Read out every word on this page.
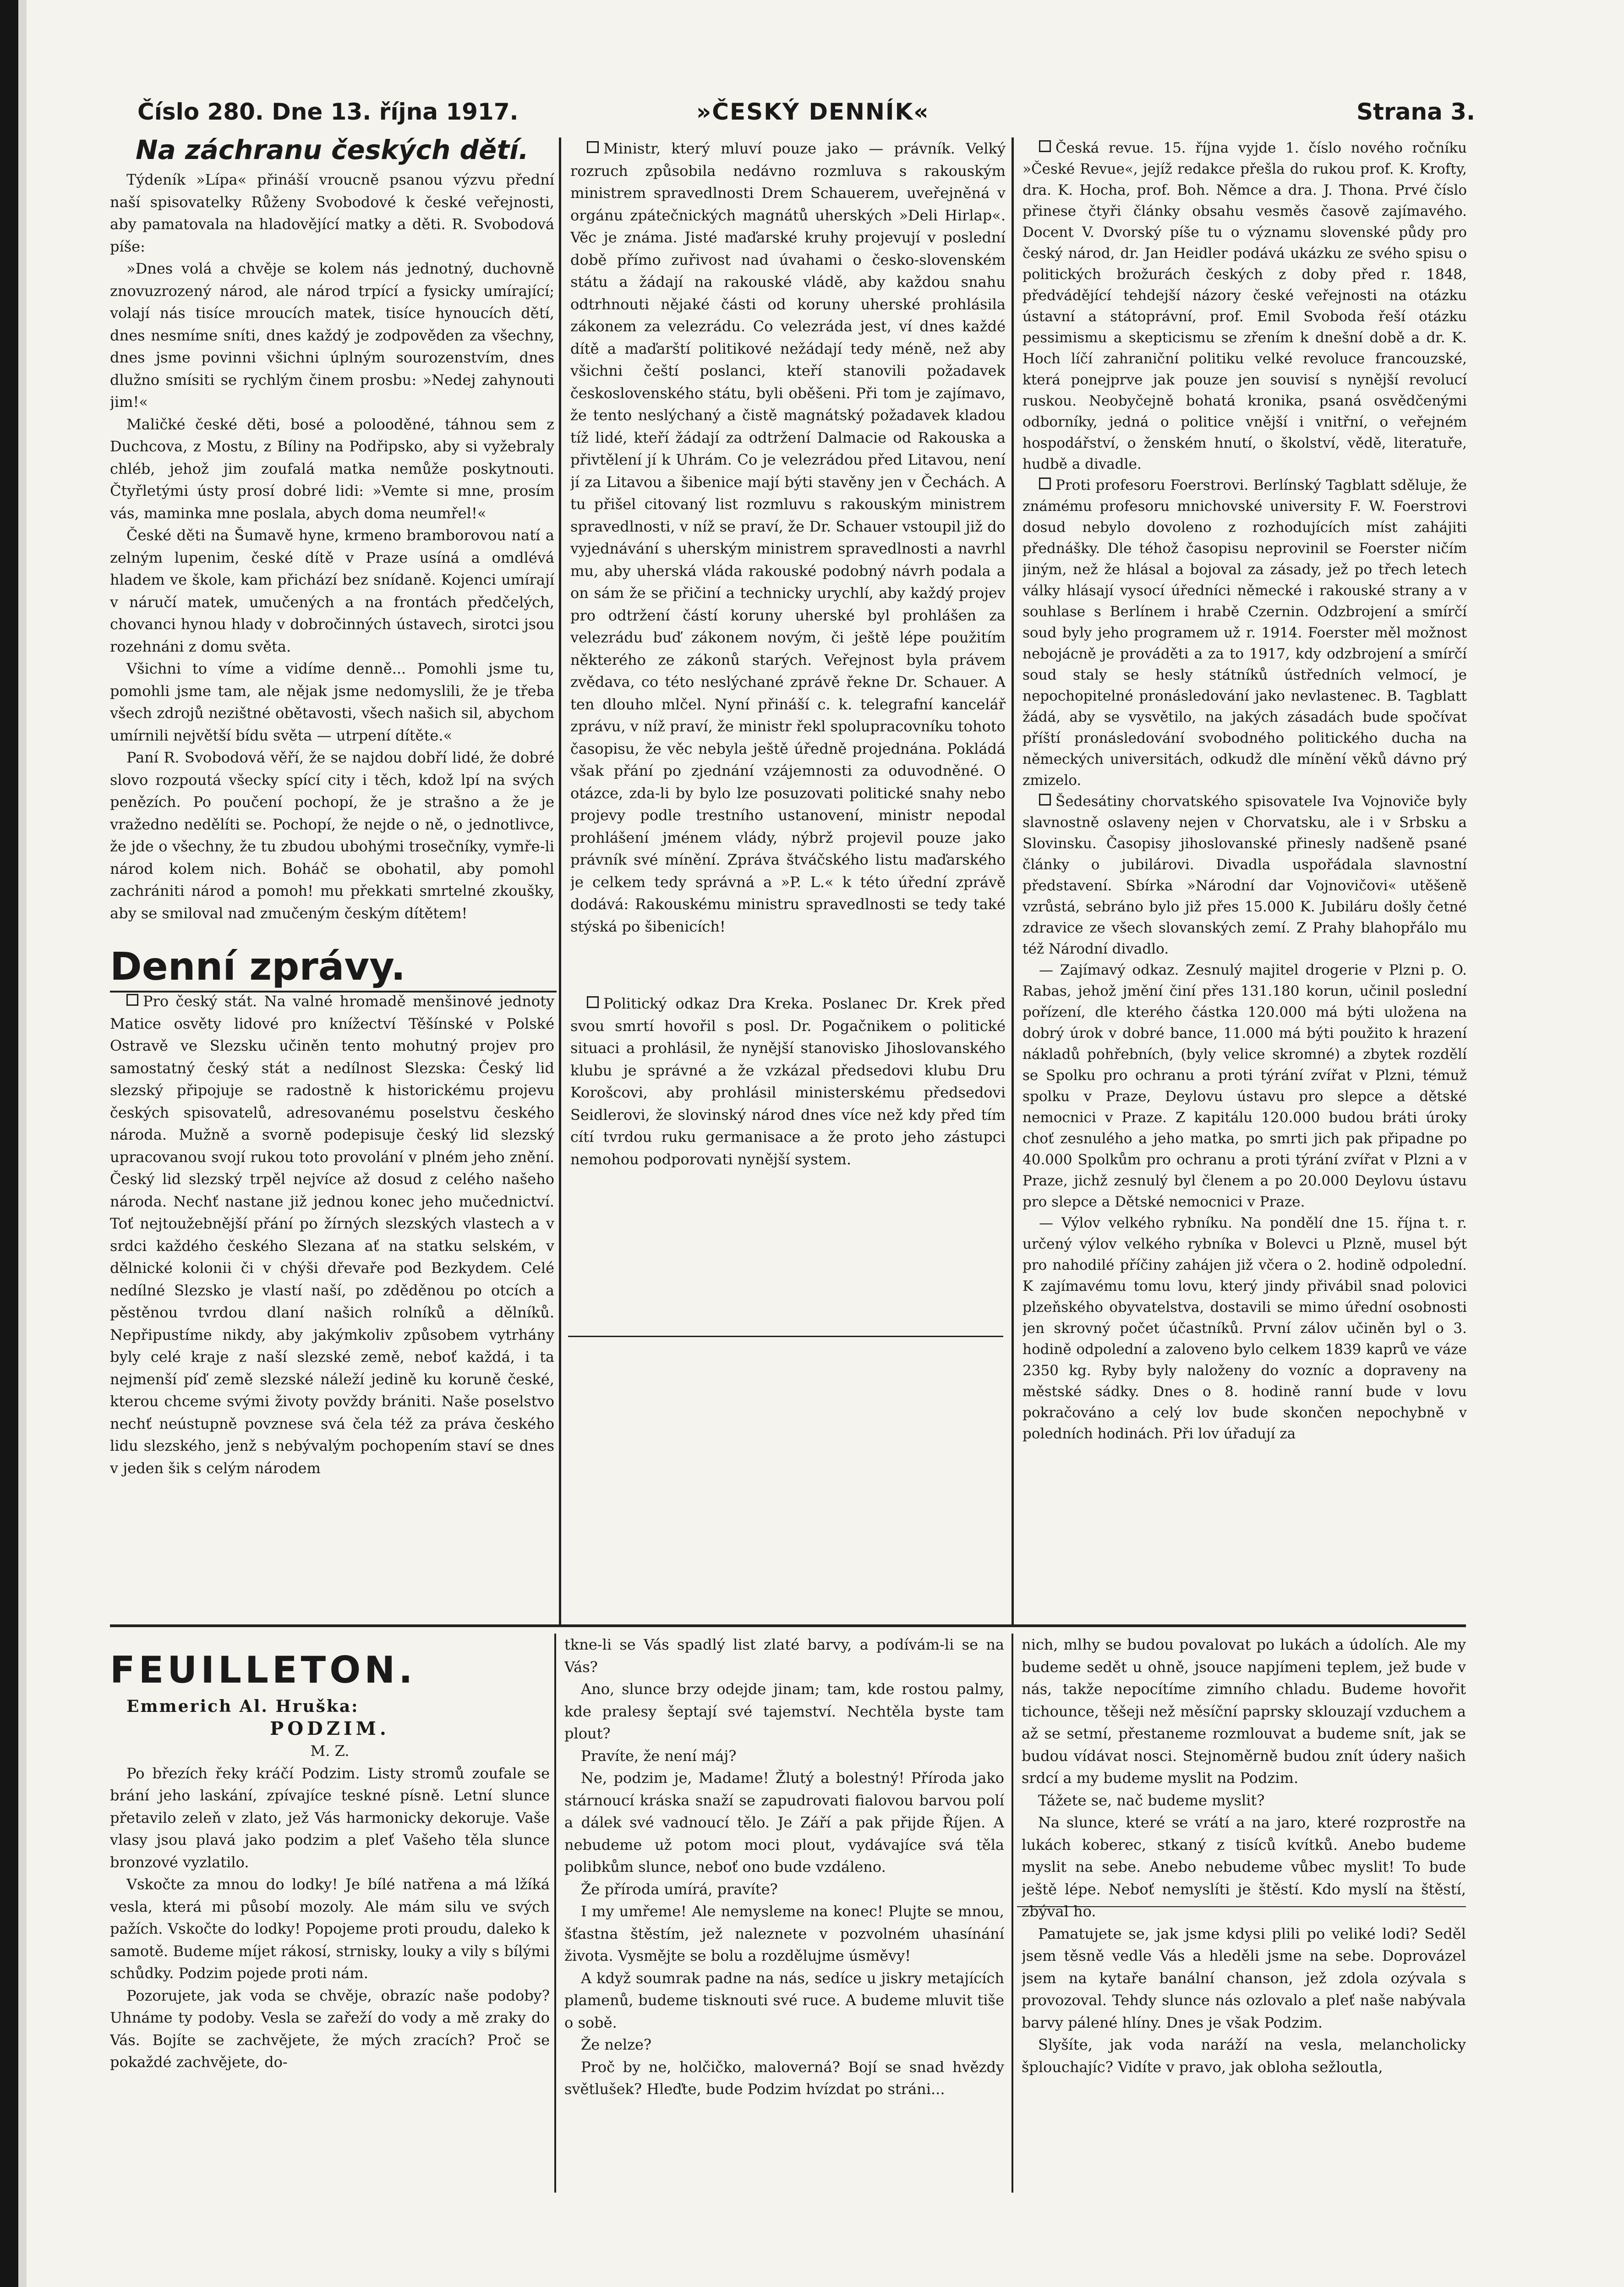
Číslo 280. Dne 13. října 1917.	»ČESKÝ DENNÍK«	Strana 3.
Na záchranu českých dětí.

Týdeník »Lípa« přináší vroucně psanou výzvu přední naší spisovatelky Růženy Svobodové k české veřejnosti, aby pamatovala na hladovějící matky a děti. R. Svobodová píše:

»Dnes volá a chvěje se kolem nás jednotný, duchovně znovuzrozený národ, ale národ trpící a fysicky umírající; volají nás tisíce mroucích matek, tisíce hynoucích dětí, dnes nesmíme sníti, dnes každý je zodpověden za všechny, dnes jsme povinni všichni úplným sourozenstvím, dnes dlužno smísiti se rychlým činem prosbu: »Nedej zahynouti jim!«

Maličké české děti, bosé a polooděné, táhnou sem z Duchcova, z Mostu, z Bíliny na Podřipsko, aby si vyžebraly chléb, jehož jim zoufalá matka nemůže poskytnouti. Čtyřletými ústy prosí dobré lidi: »Vemte si mne, prosím vás, maminka mne poslala, abych doma neumřel!«

České děti na Šumavě hyne, krmeno bramborovou natí a zelným lupenim, české dítě v Praze usíná a omdlévá hladem ve škole, kam přichází bez snídaně. Kojenci umírají v náručí matek, umučených a na frontách předčelých, chovanci hynou hlady v dobročinných ústavech, sirotci jsou rozehnáni z domu světa.

Všichni to víme a vidíme denně... Pomohli jsme tu, pomohli jsme tam, ale nějak jsme nedomyslili, že je třeba všech zdrojů nezištné obětavosti, všech našich sil, abychom umírnili největší bídu světa — utrpení dítěte.«

Paní R. Svobodová věří, že se najdou dobří lidé, že dobré slovo rozpoutá všecky spící city i těch, kdož lpí na svých penězích. Po poučení pochopí, že je strašno a že je vražedno nedělíti se. Pochopí, že nejde o ně, o jednotlivce, že jde o všechny, že tu zbudou ubohými trosečníky, vymře-li národ kolem nich. Boháč se obohatil, aby pomohl zachrániti národ a pomoh! mu překkati smrtelné zkoušky, aby se smiloval nad zmučeným českým dítětem!

Denní zprávy.

Pro český stát. Na valné hromadě menšinové jednoty Matice osvěty lidové pro knížectví Těšínské v Polské Ostravě ve Slezsku učiněn tento mohutný projev pro samostatný český stát a nedílnost Slezska: Český lid slezský připojuje se radostně k historickému projevu českých spisovatelů, adresovanému poselstvu českého národa. Mužně a svorně podepisuje český lid slezský upracovanou svojí rukou toto provolání v plném jeho znění. Český lid slezský trpěl nejvíce až dosud z celého našeho národa. Nechť nastane již jednou konec jeho mučednictví. Toť nejtoužebnější přání po žírných slezských vlastech a v srdci každého českého Slezana ať na statku selském, v dělnické kolonii či v chýši dřevaře pod Bezkydem. Celé nedílné Slezsko je vlastí naší, po zděděnou po otcích a pěstěnou tvrdou dlaní našich rolníků a dělníků. Nepřipustíme nikdy, aby jakýmkoliv způsobem vytrhány byly celé kraje z naší slezské země, neboť každá, i ta nejmenší píď země slezské náleží jedině ku koruně české, kterou chceme svými životy povždy brániti. Naše poselstvo nechť neústupně povznese svá čela též za práva českého lidu slezského, jenž s nebývalým pochopením staví se dnes v jeden šik s celým národem

Ministr, který mluví pouze jako — právník. Velký rozruch způsobila nedávno rozmluva s rakouským ministrem spravedlnosti Drem Schauerem, uveřejněná v orgánu zpátečnických magnátů uherských »Deli Hirlap«. Věc je známa. Jisté maďarské kruhy projevují v poslední době přímo zuřivost nad úvahami o česko-slovenském státu a žádají na rakouské vládě, aby každou snahu odtrhnouti nějaké části od koruny uherské prohlásila zákonem za velezrádu. Co velezráda jest, ví dnes každé dítě a maďarští politikové nežádají tedy méně, než aby všichni čeští poslanci, kteří stanovili požadavek československého státu, byli oběšeni. Při tom je zajímavo, že tento neslýchaný a čistě magnátský požadavek kladou tíž lidé, kteří žádají za odtržení Dalmacie od Rakouska a přivtělení jí k Uhrám. Co je velezrádou před Litavou, není jí za Litavou a šibenice mají býti stavěny jen v Čechách. A tu přišel citovaný list rozmluvu s rakouským ministrem spravedlnosti, v níž se praví, že Dr. Schauer vstoupil již do vyjednávání s uherským ministrem spravedlnosti a navrhl mu, aby uherská vláda rakouské podobný návrh podala a on sám že se přičiní a technicky urychlí, aby každý projev pro odtržení částí koruny uherské byl prohlášen za velezrádu buď zákonem novým, či ještě lépe použitím některého ze zákonů starých. Veřejnost byla právem zvědava, co této neslýchané zprávě řekne Dr. Schauer. A ten dlouho mlčel. Nyní přináší c. k. telegrafní kancelář zprávu, v níž praví, že ministr řekl spolupracovníku tohoto časopisu, že věc nebyla ještě úředně projednána. Pokládá však přání po zjednání vzájemnosti za oduvodněné. O otázce, zda-li by bylo lze posuzovati politické snahy nebo projevy podle trestního ustanovení, ministr nepodal prohlášení jménem vlády, nýbrž projevil pouze jako právník své mínění. Zpráva štváčského listu maďarského je celkem tedy správná a »P. L.« k této úřední zprávě dodává: Rakouskému ministru spravedlnosti se tedy také stýská po šibenicích!

Politický odkaz Dra Kreka. Poslanec Dr. Krek před svou smrtí hovořil s posl. Dr. Pogačnikem o politické situaci a prohlásil, že nynější stanovisko Jihoslovanského klubu je správné a že vzkázal předsedovi klubu Dru Korošcovi, aby prohlásil ministerskému předsedovi Seidlerovi, že slovinský národ dnes více než kdy před tím cítí tvrdou ruku germanisace a že proto jeho zástupci nemohou podporovati nynější system.

Česká revue. 15. října vyjde 1. číslo nového ročníku »České Revue«, jejíž redakce přešla do rukou prof. K. Krofty, dra. K. Hocha, prof. Boh. Němce a dra. J. Thona. Prvé číslo přinese čtyři články obsahu vesměs časově zajímavého. Docent V. Dvorský píše tu o významu slovenské půdy pro český národ, dr. Jan Heidler podává ukázku ze svého spisu o politických brožurách českých z doby před r. 1848, předvádějící tehdejší názory české veřejnosti na otázku ústavní a státoprávní, prof. Emil Svoboda řeší otázku pessimismu a skepticismu se zřením k dnešní době a dr. K. Hoch líčí zahraniční politiku velké revoluce francouzské, která ponejprve jak pouze jen souvisí s nynější revolucí ruskou. Neobyčejně bohatá kronika, psaná osvědčenými odborníky, jedná o politice vnější i vnitřní, o veřejném hospodářství, o ženském hnutí, o školství, vědě, literatuře, hudbě a divadle.

Proti profesoru Foerstrovi. Berlínský Tagblatt sděluje, že známému profesoru mnichovské university F. W. Foerstrovi dosud nebylo dovoleno z rozhodujících míst zahájiti přednášky. Dle téhož časopisu neprovinil se Foerster ničím jiným, než že hlásal a bojoval za zásady, jež po třech letech války hlásají vysocí úředníci německé i rakouské strany a v souhlase s Berlínem i hrabě Czernin. Odzbrojení a smírčí soud byly jeho programem už r. 1914. Foerster měl možnost nebojácně je prováděti a za to 1917, kdy odzbrojení a smírčí soud staly se hesly státníků ústředních velmocí, je nepochopitelné pronásledování jako nevlastenec. B. Tagblatt žádá, aby se vysvětilo, na jakých zásadách bude spočívat příští pronásledování svobodného politického ducha na německých universitách, odkudž dle mínění věků dávno prý zmizelo.

Šedesátiny chorvatského spisovatele Iva Vojnoviče byly slavnostně oslaveny nejen v Chorvatsku, ale i v Srbsku a Slovinsku. Časopisy jihoslovanské přinesly nadšeně psané články o jubilárovi. Divadla uspořádala slavnostní představení. Sbírka »Národní dar Vojnovičovi« utěšeně vzrůstá, sebráno bylo již přes 15.000 K. Jubiláru došly četné zdravice ze všech slovanských zemí. Z Prahy blahopřálo mu též Národní divadlo.

— Zajímavý odkaz. Zesnulý majitel drogerie v Plzni p. O. Rabas, jehož jmění činí přes 131.180 korun, učinil poslední pořízení, dle kterého částka 120.000 má býti uložena na dobrý úrok v dobré bance, 11.000 má býti použito k hrazení nákladů pohřebních, (byly velice skromné) a zbytek rozdělí se Spolku pro ochranu a proti týrání zvířat v Plzni, témuž spolku v Praze, Deylovu ústavu pro slepce a dětské nemocnici v Praze. Z kapitálu 120.000 budou bráti úroky choť zesnulého a jeho matka, po smrti jich pak připadne po 40.000 Spolkům pro ochranu a proti týrání zvířat v Plzni a v Praze, jichž zesnulý byl členem a po 20.000 Deylovu ústavu pro slepce a Dětské nemocnici v Praze.

— Výlov velkého rybníku. Na pondělí dne 15. října t. r. určený výlov velkého rybníka v Bolevci u Plzně, musel být pro nahodilé příčiny zahájen již včera o 2. hodině odpolední. K zajímavému tomu lovu, který jindy přivábil snad polovici plzeňského obyvatelstva, dostavili se mimo úřední osobnosti jen skrovný počet účastníků. První zálov učiněn byl o 3. hodině odpolední a zaloveno bylo celkem 1839 kaprů ve váze 2350 kg. Ryby byly naloženy do vozníc a dopraveny na městské sádky. Dnes o 8. hodině ranní bude v lovu pokračováno a celý lov bude skončen nepochybně v poledních hodinách. Při lov úřadují za

FEUILLETON.

Emmerich Al. Hruška:

PODZIM.

M. Z.

Po březích řeky kráčí Podzim. Listy stromů zoufale se brání jeho laskání, zpívajíce teskné písně. Letní slunce přetavilo zeleň v zlato, jež Vás harmonicky dekoruje. Vaše vlasy jsou plavá jako podzim a pleť Vašeho těla slunce bronzové vyzlatilo.

Vskočte za mnou do lodky! Je bílé natřena a má lžíká vesla, která mi působí mozoly. Ale mám silu ve svých pažích. Vskočte do lodky! Popojeme proti proudu, daleko k samotě. Budeme míjet rákosí, strnisky, louky a vily s bílými schůdky. Podzim pojede proti nám.

Pozorujete, jak voda se chvěje, obrazíc naše podoby? Uhnáme ty podoby. Vesla se zařeží do vody a mě zraky do Vás. Bojíte se zachvějete, že mých zracích? Proč se pokaždé zachvějete, do-

tkne-li se Vás spadlý list zlaté barvy, a podívám-li se na Vás?

Ano, slunce brzy odejde jinam; tam, kde rostou palmy, kde pralesy šeptají své tajemství. Nechtěla byste tam plout?

Pravíte, že není máj?

Ne, podzim je, Madame! Žlutý a bolestný! Příroda jako stárnoucí kráska snaží se zapudrovati fialovou barvou polí a dálek své vadnoucí tělo. Je Září a pak přijde Říjen. A nebudeme už potom moci plout, vydávajíce svá těla polibkům slunce, neboť ono bude vzdáleno.

Že příroda umírá, pravíte?

I my umřeme! Ale nemysleme na konec! Plujte se mnou, šťastna štěstím, jež naleznete v pozvolném uhasínání života. Vysmějte se bolu a rozdělujme úsměvy!

A když soumrak padne na nás, sedíce u jiskry metajících plamenů, budeme tisknouti své ruce. A budeme mluvit tiše o sobě.

Že nelze?

Proč by ne, holčičko, maloverná? Bojí se snad hvězdy světlušek? Hleďte, bude Podzim hvízdat po stráni...

nich, mlhy se budou povalovat po lukách a údolích. Ale my budeme sedět u ohně, jsouce napjímeni teplem, jež bude v nás, takže nepocítíme zimního chladu. Budeme hovořit tichounce, těšeji než měsíční paprsky sklouzají vzduchem a až se setmí, přestaneme rozmlouvat a budeme snít, jak se budou vídávat nosci. Stejnoměrně budou znít údery našich srdcí a my budeme myslit na Podzim.

Tážete se, nač budeme myslit?

Na slunce, které se vrátí a na jaro, které rozprostře na lukách koberec, stkaný z tisíců kvítků. Anebo budeme myslit na sebe. Anebo nebudeme vůbec myslit! To bude ještě lépe. Neboť nemyslíti je štěstí. Kdo myslí na štěstí, zbýval ho.

Pamatujete se, jak jsme kdysi plili po veliké lodi? Seděl jsem těsně vedle Vás a hleděli jsme na sebe. Doprovázel jsem na kytaře banální chanson, jež zdola ozývala s provozoval. Tehdy slunce nás ozlovalo a pleť naše nabývala barvy pálené hlíny. Dnes je však Podzim.

Slyšíte, jak voda naráží na vesla, melancholicky šplouchajíc? Vidíte v pravo, jak obloha sežloutla,
